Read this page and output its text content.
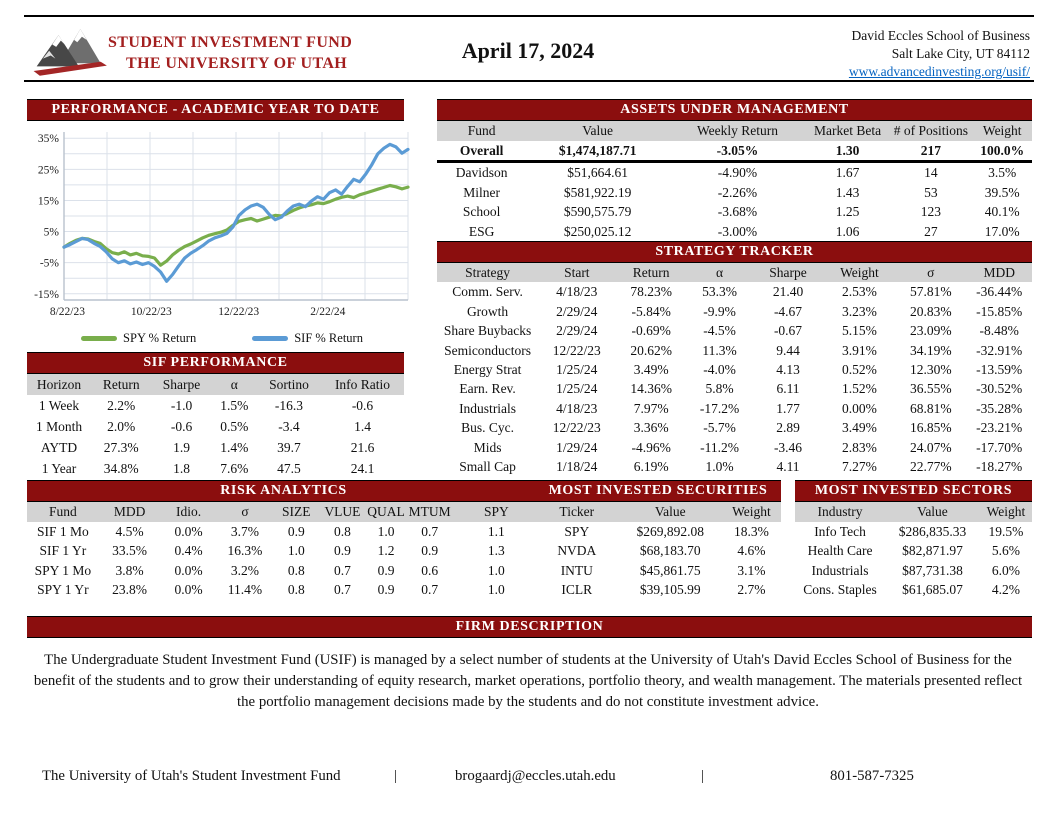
STUDENT INVESTMENT FUND
THE UNIVERSITY OF UTAH
April 17, 2024
David Eccles School of Business
Salt Lake City, UT 84112
www.advancedinvesting.org/usif/
PERFORMANCE - ACADEMIC YEAR TO DATE
35%
25%
15%
5%
-5%
-15%
8/22/23	10/22/23	12/22/23	2/22/24
SPY % Return	SIF % Return
SIF PERFORMANCE
Horizon	Return	Sharpe	α	Sortino	Info Ratio
1 Week	2.2%	-1.0	1.5%	-16.3	-0.6
1 Month	2.0%	-0.6	0.5%	-3.4	1.4
AYTD	27.3%	1.9	1.4%	39.7	21.6
1 Year	34.8%	1.8	7.6%	47.5	24.1
ASSETS UNDER MANAGEMENT
Fund	Value	Weekly Return	Market Beta	# of Positions	Weight
Overall	$1,474,187.71	-3.05%	1.30	217	100.0%
Davidson	$51,664.61	-4.90%	1.67	14	3.5%
Milner	$581,922.19	-2.26%	1.43	53	39.5%
School	$590,575.79	-3.68%	1.25	123	40.1%
ESG	$250,025.12	-3.00%	1.06	27	17.0%
STRATEGY TRACKER
Strategy	Start	Return	α	Sharpe	Weight	σ	MDD
Comm. Serv.	4/18/23	78.23%	53.3%	21.40	2.53%	57.81%	-36.44%
Growth	2/29/24	-5.84%	-9.9%	-4.67	3.23%	20.83%	-15.85%
Share Buybacks	2/29/24	-0.69%	-4.5%	-0.67	5.15%	23.09%	-8.48%
Semiconductors	12/22/23	20.62%	11.3%	9.44	3.91%	34.19%	-32.91%
Energy Strat	1/25/24	3.49%	-4.0%	4.13	0.52%	12.30%	-13.59%
Earn. Rev.	1/25/24	14.36%	5.8%	6.11	1.52%	36.55%	-30.52%
Industrials	4/18/23	7.97%	-17.2%	1.77	0.00%	68.81%	-35.28%
Bus. Cyc.	12/22/23	3.36%	-5.7%	2.89	3.49%	16.85%	-23.21%
Mids	1/29/24	-4.96%	-11.2%	-3.46	2.83%	24.07%	-17.70%
Small Cap	1/18/24	6.19%	1.0%	4.11	7.27%	22.77%	-18.27%
RISK ANALYTICS
Fund	MDD	Idio.	σ	SIZE	VLUE	QUAL	MTUM	SPY
SIF 1 Mo	4.5%	0.0%	3.7%	0.9	0.8	1.0	0.7	1.1
SIF 1 Yr	33.5%	0.4%	16.3%	1.0	0.9	1.2	0.9	1.3
SPY 1 Mo	3.8%	0.0%	3.2%	0.8	0.7	0.9	0.6	1.0
SPY 1 Yr	23.8%	0.0%	11.4%	0.8	0.7	0.9	0.7	1.0
MOST INVESTED SECURITIES
Ticker	Value	Weight
SPY	$269,892.08	18.3%
NVDA	$68,183.70	4.6%
INTU	$45,861.75	3.1%
ICLR	$39,105.99	2.7%
MOST INVESTED SECTORS
Industry	Value	Weight
Info Tech	$286,835.33	19.5%
Health Care	$82,871.97	5.6%
Industrials	$87,731.38	6.0%
Cons. Staples	$61,685.07	4.2%
FIRM DESCRIPTION
The Undergraduate Student Investment Fund (USIF) is managed by a select number of students at the University of Utah's David Eccles School of Business for the benefit of the students and to grow their understanding of equity research, market operations, portfolio theory, and wealth management. The materials presented reflect the portfolio management decisions made by the students and do not constitute investment advice.
The University of Utah's Student Investment Fund	|	brogaardj@eccles.utah.edu	|	801-587-7325
